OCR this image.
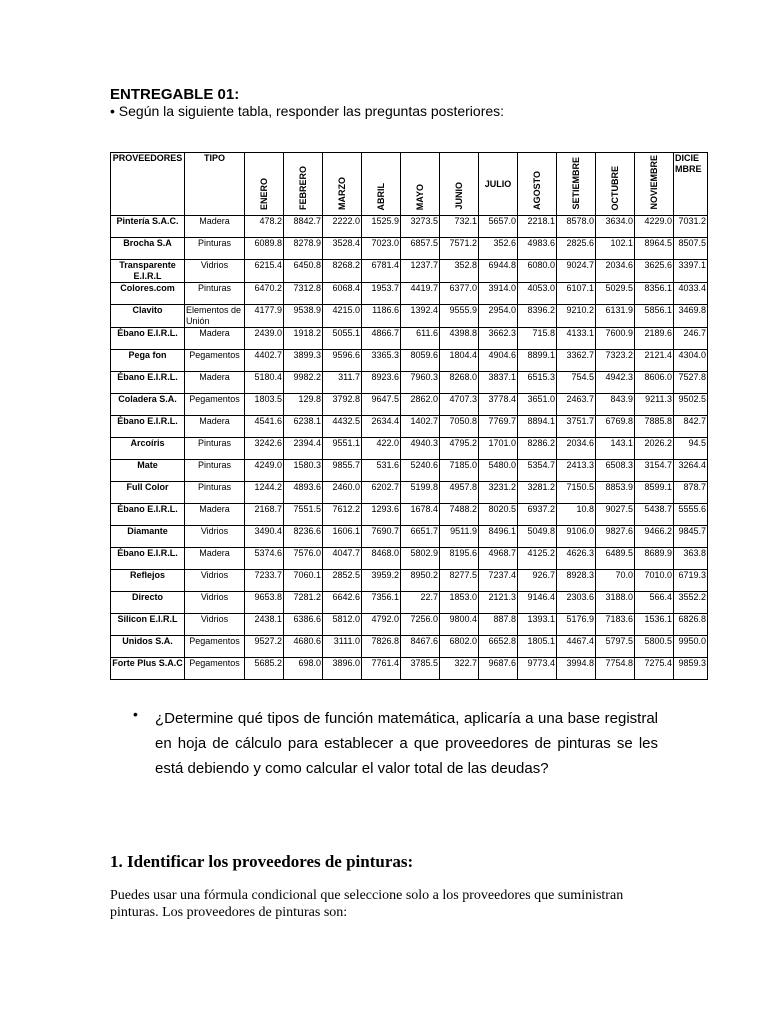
ENTREGABLE 01:
• Según la siguiente tabla, responder las preguntas posteriores:
PROVEEDORES	TIPO	ENERO	FEBRERO	MARZO	ABRIL	MAYO	JUNIO	JULIO	AGOSTO	SETIEMBRE	OCTUBRE	NOVIEMBRE	DICIEMBRE
Pintería S.A.C.	Madera	478.2	8842.7	2222.0	1525.9	3273.5	732.1	5657.0	2218.1	8578.0	3634.0	4229.0	7031.2
Brocha S.A	Pinturas	6089.8	8278.9	3528.4	7023.0	6857.5	7571.2	352.6	4983.6	2825.6	102.1	8964.5	8507.5
Transparente E.I.R.L	Vidrios	6215.4	6450.8	8268.2	6781.4	1237.7	352.8	6944.8	6080.0	9024.7	2034.6	3625.6	3397.1
Colores.com	Pinturas	6470.2	7312.8	6068.4	1953.7	4419.7	6377.0	3914.0	4053.0	6107.1	5029.5	8356.1	4033.4
Clavito	Elementos de Unión	4177.9	9538.9	4215.0	1186.6	1392.4	9555.9	2954.0	8396.2	9210.2	6131.9	5856.1	3469.8
Ébano E.I.R.L.	Madera	2439.0	1918.2	5055.1	4866.7	611.6	4398.8	3662.3	715.8	4133.1	7600.9	2189.6	246.7
Pega fon	Pegamentos	4402.7	3899.3	9596.6	3365.3	8059.6	1804.4	4904.6	8899.1	3362.7	7323.2	2121.4	4304.0
Ébano E.I.R.L.	Madera	5180.4	9982.2	311.7	8923.6	7960.3	8268.0	3837.1	6515.3	754.5	4942.3	8606.0	7527.8
Coladera S.A.	Pegamentos	1803.5	129.8	3792.8	9647.5	2862.0	4707.3	3778.4	3651.0	2463.7	843.9	9211.3	9502.5
Ébano E.I.R.L.	Madera	4541.6	6238.1	4432.5	2634.4	1402.7	7050.8	7769.7	8894.1	3751.7	6769.8	7885.8	842.7
Arcoíris	Pinturas	3242.6	2394.4	9551.1	422.0	4940.3	4795.2	1701.0	8286.2	2034.6	143.1	2026.2	94.5
Mate	Pinturas	4249.0	1580.3	9855.7	531.6	5240.6	7185.0	5480.0	5354.7	2413.3	6508.3	3154.7	3264.4
Full Color	Pinturas	1244.2	4893.6	2460.0	6202.7	5199.8	4957.8	3231.2	3281.2	7150.5	8853.9	8599.1	878.7
Ébano E.I.R.L.	Madera	2168.7	7551.5	7612.2	1293.6	1678.4	7488.2	8020.5	6937.2	10.8	9027.5	5438.7	5555.6
Diamante	Vidrios	3490.4	8236.6	1606.1	7690.7	6651.7	9511.9	8496.1	5049.8	9106.0	9827.6	9466.2	9845.7
Ébano E.I.R.L.	Madera	5374.6	7576.0	4047.7	8468.0	5802.9	8195.6	4968.7	4125.2	4626.3	6489.5	8689.9	363.8
Reflejos	Vidrios	7233.7	7060.1	2852.5	3959.2	8950.2	8277.5	7237.4	926.7	8928.3	70.0	7010.0	6719.3
Directo	Vidrios	9653.8	7281.2	6642.6	7356.1	22.7	1853.0	2121.3	9146.4	2303.6	3188.0	566.4	3552.2
Silicon E.I.R.L	Vidrios	2438.1	6386.6	5812.0	4792.0	7256.0	9800.4	887.8	1393.1	5176.9	7183.6	1536.1	6826.8
Unidos S.A.	Pegamentos	9527.2	4680.6	3111.0	7826.8	8467.6	6802.0	6652.8	1805.1	4467.4	5797.5	5800.5	9950.0
Forte Plus S.A.C	Pegamentos	5685.2	698.0	3896.0	7761.4	3785.5	322.7	9687.6	9773.4	3994.8	7754.8	7275.4	9859.3
• ¿Determine qué tipos de función matemática, aplicaría a una base registral en hoja de cálculo para establecer a que proveedores de pinturas se les está debiendo y como calcular el valor total de las deudas?
1. Identificar los proveedores de pinturas:
Puedes usar una fórmula condicional que seleccione solo a los proveedores que suministran pinturas. Los proveedores de pinturas son:
